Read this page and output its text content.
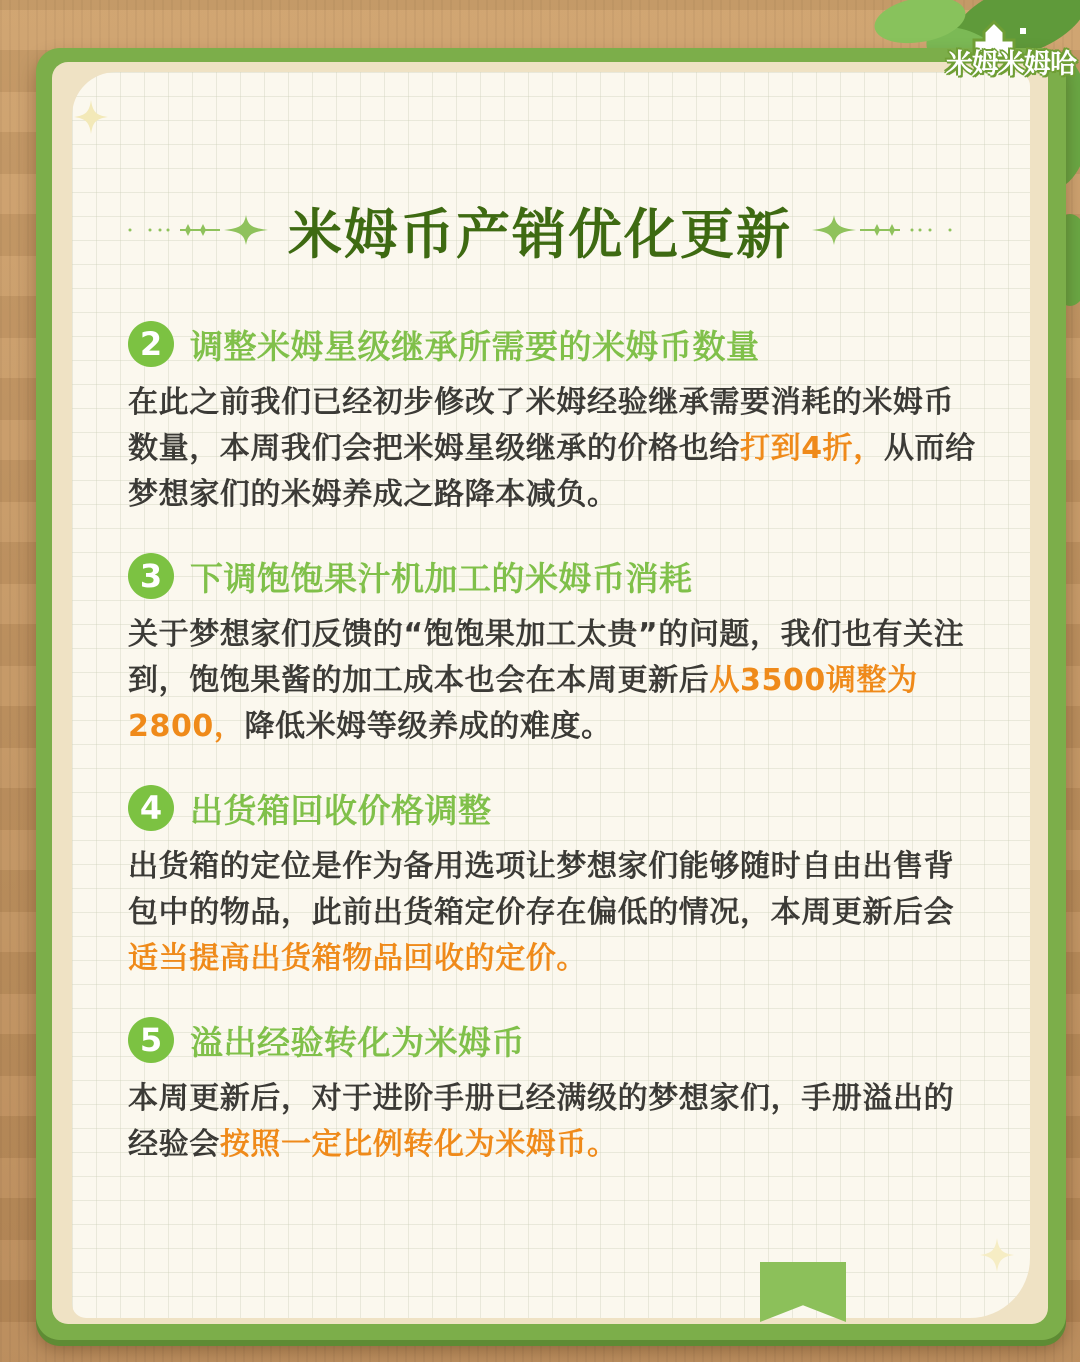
米姆米姆哈
米姆币产销优化更新
2 调整米姆星级继承所需要的米姆币数量

在此之前我们已经初步修改了米姆经验继承需要消耗的米姆币数量，本周我们会把米姆星级继承的价格也给打到4折，从而给梦想家们的米姆养成之路降本减负。

3 下调饱饱果汁机加工的米姆币消耗

关于梦想家们反馈的“饱饱果加工太贵”的问题，我们也有关注到，饱饱果酱的加工成本也会在本周更新后从3500调整为2800，降低米姆等级养成的难度。

4 出货箱回收价格调整

出货箱的定位是作为备用选项让梦想家们能够随时自由出售背包中的物品，此前出货箱定价存在偏低的情况，本周更新后会适当提高出货箱物品回收的定价。

5 溢出经验转化为米姆币

本周更新后，对于进阶手册已经满级的梦想家们，手册溢出的经验会按照一定比例转化为米姆币。
